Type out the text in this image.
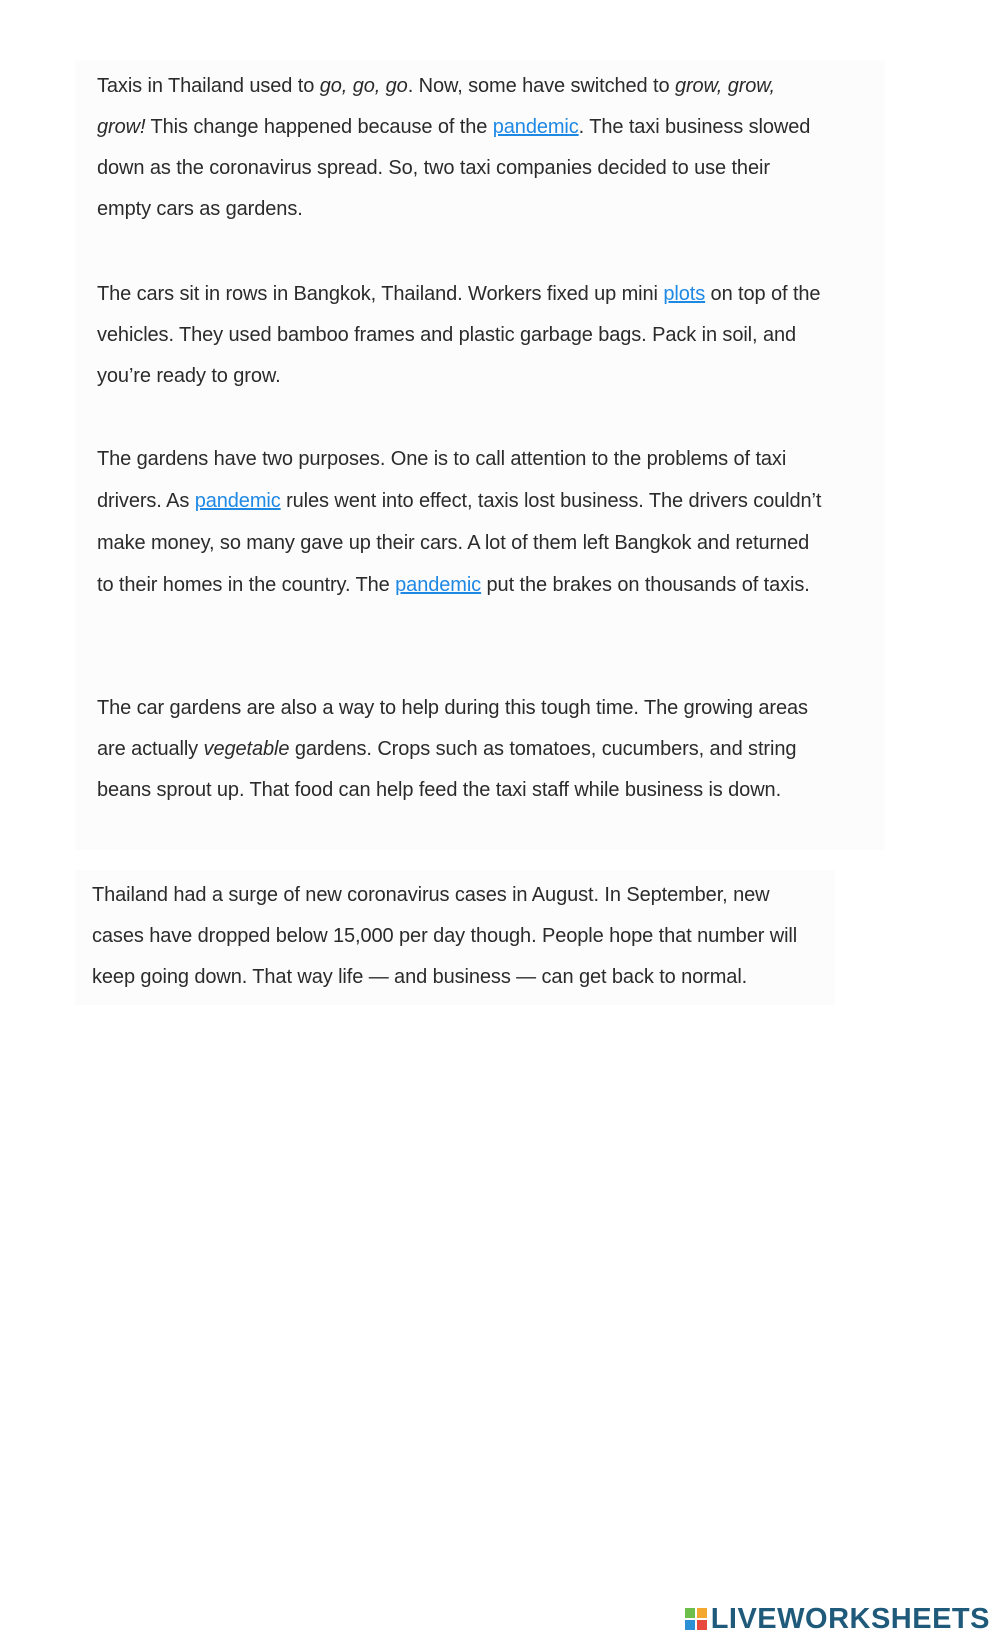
Taxis in Thailand used to go, go, go. Now, some have switched to grow, grow, grow! This change happened because of the pandemic. The taxi business slowed down as the coronavirus spread. So, two taxi companies decided to use their empty cars as gardens.

The cars sit in rows in Bangkok, Thailand. Workers fixed up mini plots on top of the vehicles. They used bamboo frames and plastic garbage bags. Pack in soil, and you’re ready to grow.

The gardens have two purposes. One is to call attention to the problems of taxi drivers. As pandemic rules went into effect, taxis lost business. The drivers couldn’t make money, so many gave up their cars. A lot of them left Bangkok and returned to their homes in the country. The pandemic put the brakes on thousands of taxis.

The car gardens are also a way to help during this tough time. The growing areas are actually vegetable gardens. Crops such as tomatoes, cucumbers, and string beans sprout up. That food can help feed the taxi staff while business is down.

Thailand had a surge of new coronavirus cases in August. In September, new cases have dropped below 15,000 per day though. People hope that number will keep going down. That way life — and business — can get back to normal.

LIVEWORKSHEETS
